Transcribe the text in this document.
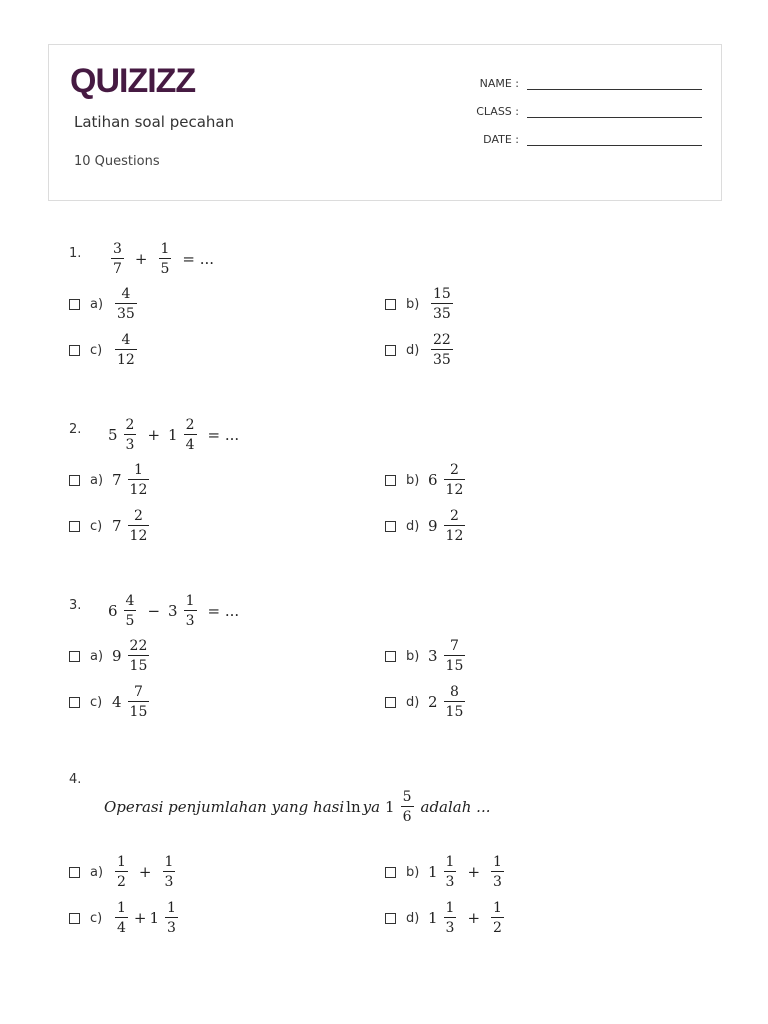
QUIZIZZ
Latihan soal pecahan
10 Questions
NAME :
CLASS :
DATE :
1. $\frac{3}{7} + \frac{1}{5}$ = ...
$a) \frac{4}{35}$	$b) \frac{15}{35}$
$c) \frac{4}{12}$	$d) \frac{22}{35}$
2. $5 \frac{2}{3} + 1 \frac{2}{4}$ = ...
a) $7 \frac{1}{12}$	b) $6 \frac{2}{12}$
c) $7 \frac{2}{12}$	d) $9 \frac{2}{12}$
3. $6 \frac{4}{5} - 3 \frac{1}{3}$ = ...
a) $9 \frac{22}{15}$	b) $3 \frac{7}{15}$
c) $4 \frac{7}{15}$	d) $2 \frac{8}{15}$
4.
Operasi penjumlahan yang hasi ln ya $1 \frac{5}{6}$ adalah ...
$a) \frac{1}{2} + \frac{1}{3}$	b) $1 \frac{1}{3} + \frac{1}{3}$
$c) \frac{1}{4} + 1 \frac{1}{3}$	d) $1 \frac{1}{3} + \frac{1}{2}$
